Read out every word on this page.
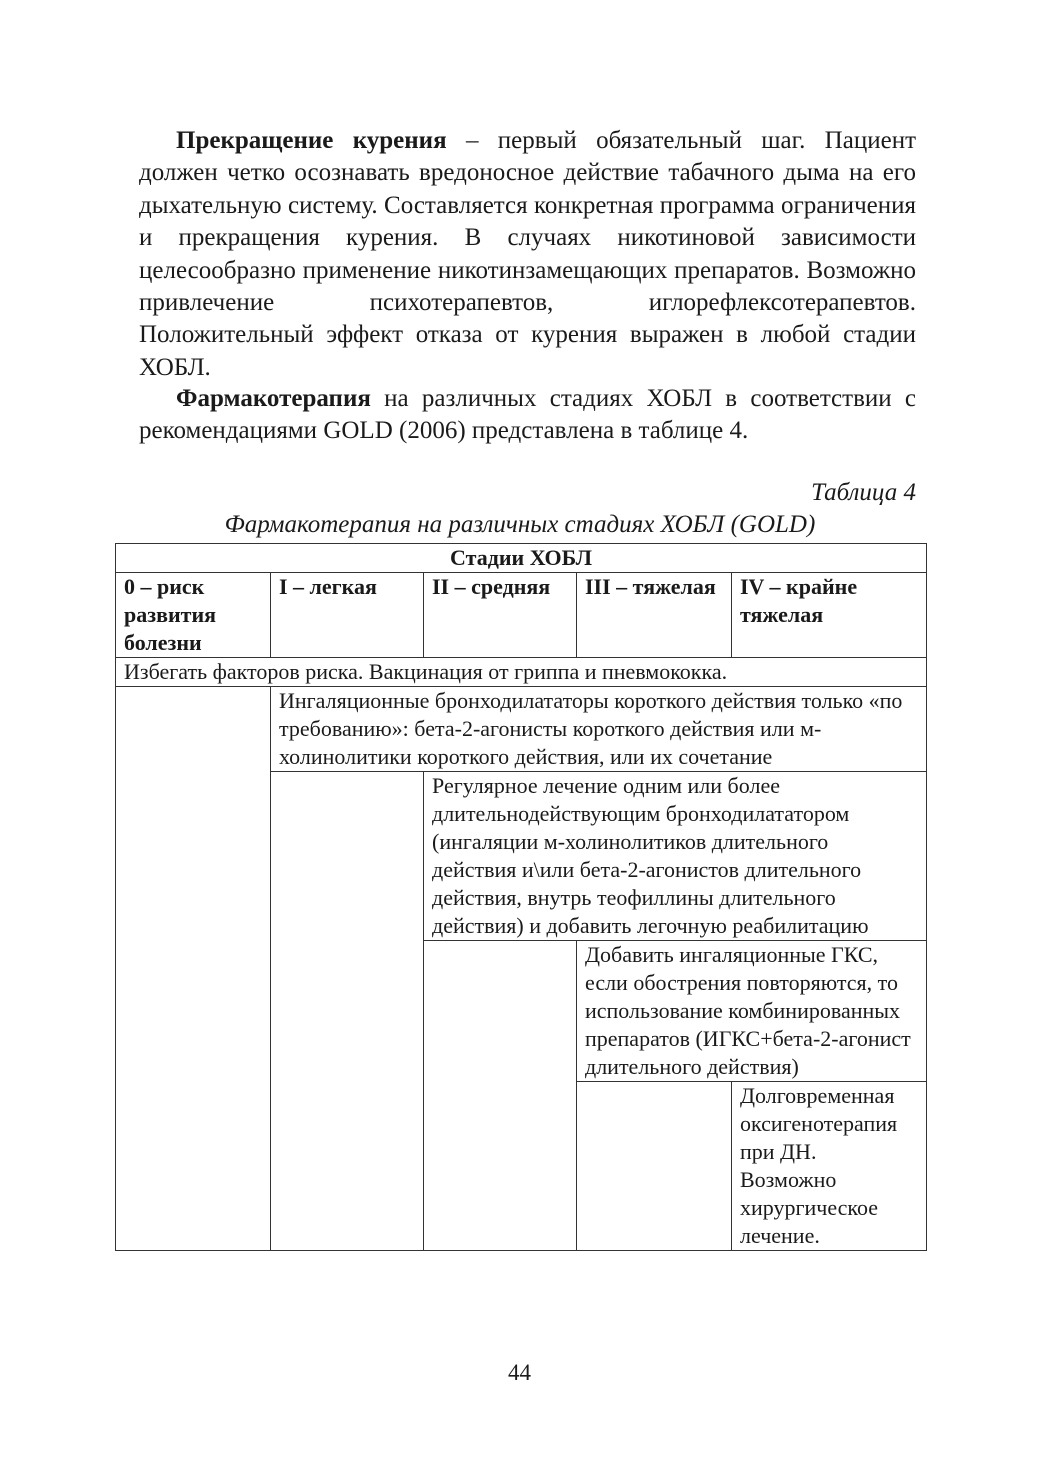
Прекращение курения – первый обязательный шаг. Пациент должен четко осознавать вредоносное действие табачного дыма на его дыхательную систему. Составляется конкретная программа ограничения и прекращения курения. В случаях никотиновой зависимости целесообразно применение никотинзамещающих препаратов. Возможно привлечение психотерапевтов, иглорефлексотерапевтов. Положительный эффект отказа от курения выражен в любой стадии ХОБЛ.

Фармакотерапия на различных стадиях ХОБЛ в соответствии с рекомендациями GOLD (2006) представлена в таблице 4.

Таблица 4

Фармакотерапия на различных стадиях ХОБЛ (GOLD)

Стадии ХОБЛ				
0 – риск развития болезни	I – легкая	II – средняя	III – тяжелая	IV – крайне тяжелая
Избегать факторов риска. Вакцинация от гриппа и пневмококка.				
	Ингаляционные бронходилататоры короткого действия только «по требованию»: бета-2-агонисты короткого действия или м-холинолитики короткого действия, или их сочетание			
		Регулярное лечение одним или более длительнодействующим бронходилататором (ингаляции м-холинолитиков длительного действия и\или бета-2-агонистов длительного действия, внутрь теофиллины длительного действия) и добавить легочную реабилитацию		
			Добавить ингаляционные ГКС, если обострения повторяются, то использование комбинированных препаратов (ИГКС+бета-2-агонист длительного действия)	
				Долговременная оксигенотерапия при ДН. Возможно хирургическое лечение.

44
